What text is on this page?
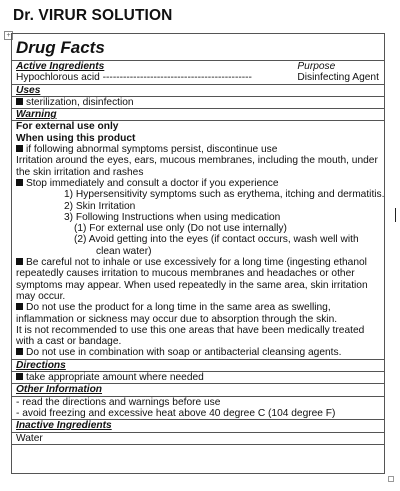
Dr. VIRUR SOLUTION
+
Drug Facts
Active Ingredients	Purpose
Hypochlorous acid --------------------------------------------	Disinfecting Agent
Uses
sterilization, disinfection
Warning
For external use only
When using this product
if following abnormal symptoms persist, discontinue use
Irritation around the eyes, ears, mucous membranes, including the mouth, under
the skin irritation and rashes
Stop immediately and consult a doctor if you experience
1) Hypersensitivity symptoms such as erythema, itching and dermatitis.
2) Skin Irritation
3) Following Instructions when using medication
(1) For external use only (Do not use internally)
(2) Avoid getting into the eyes (if contact occurs, wash well with
clean water)
Be careful not to inhale or use excessively for a long time (ingesting ethanol
repeatedly causes irritation to mucous membranes and headaches or other
symptoms may appear. When used repeatedly in the same area, skin irritation
may occur.
Do not use the product for a long time in the same area as swelling,
inflammation or sickness may occur due to absorption through the skin.
It is not recommended to use this one areas that have been medically treated
with a cast or bandage.
Do not use in combination with soap or antibacterial cleansing agents.
Directions
take appropriate amount where needed
Other Information
- read the directions and warnings before use
- avoid freezing and excessive heat above 40 degree C (104 degree F)
Inactive Ingredients
Water
